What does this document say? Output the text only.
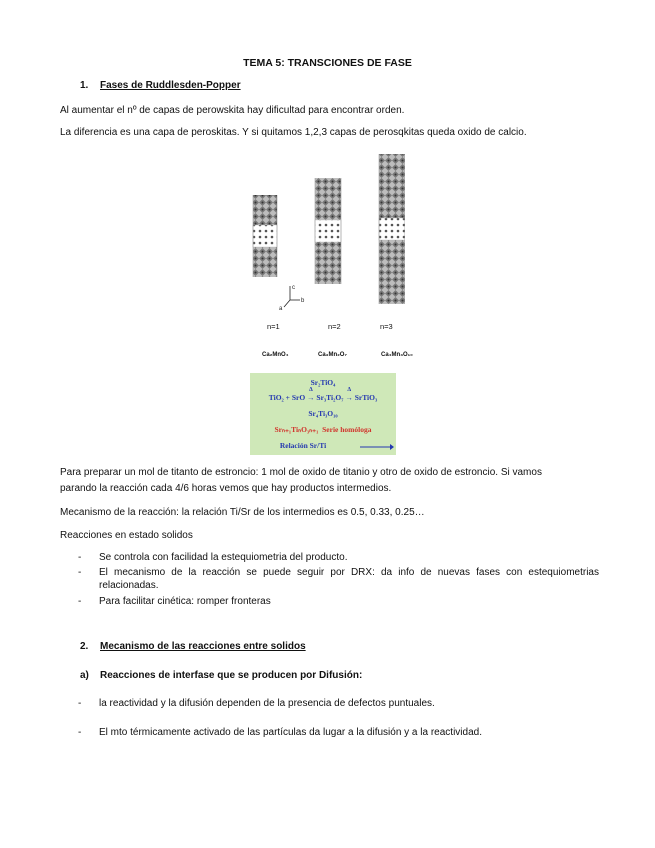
TEMA 5: TRANSCIONES DE FASE
1. Fases de Ruddlesden-Popper
Al aumentar el nº de capas de perowskita hay dificultad para encontrar orden.
La diferencia es una capa de peroskitas. Y si quitamos 1,2,3 capas de perosqkitas queda oxido de calcio.
c
b
a
n=1	n=2	n=3
Ca₂MnO₄	Ca₃Mn₂O₇	Ca₄Mn₃O₁₀
Sr₂TiO₄
TiO₂ + SrO
Δ
→ Sr₃Ti₂O₇
Δ
→ SrTiO₃
Sr₄Ti₃O₁₀
Srₙ₊₁TiₙO₃ₙ₊₁ Serie homóloga
Relación Sr/Ti
Para preparar un mol de titanto de estroncio: 1 mol de oxido de titanio y otro de oxido de estroncio. Si vamos
parando la reacción cada 4/6 horas vemos que hay productos intermedios.
Mecanismo de la reacción: la relación Ti/Sr de los intermedios es 0.5, 0.33, 0.25…
Reacciones en estado solidos
- Se controla con facilidad la estequiometria del producto.
- El mecanismo de la reacción se puede seguir por DRX: da info de nuevas fases con estequiometrias relacionadas.
- Para facilitar cinética: romper fronteras
2. Mecanismo de las reacciones entre solidos
a) Reacciones de interfase que se producen por Difusión:
- la reactividad y la difusión dependen de la presencia de defectos puntuales.
- El mto térmicamente activado de las partículas da lugar a la difusión y a la reactividad.
